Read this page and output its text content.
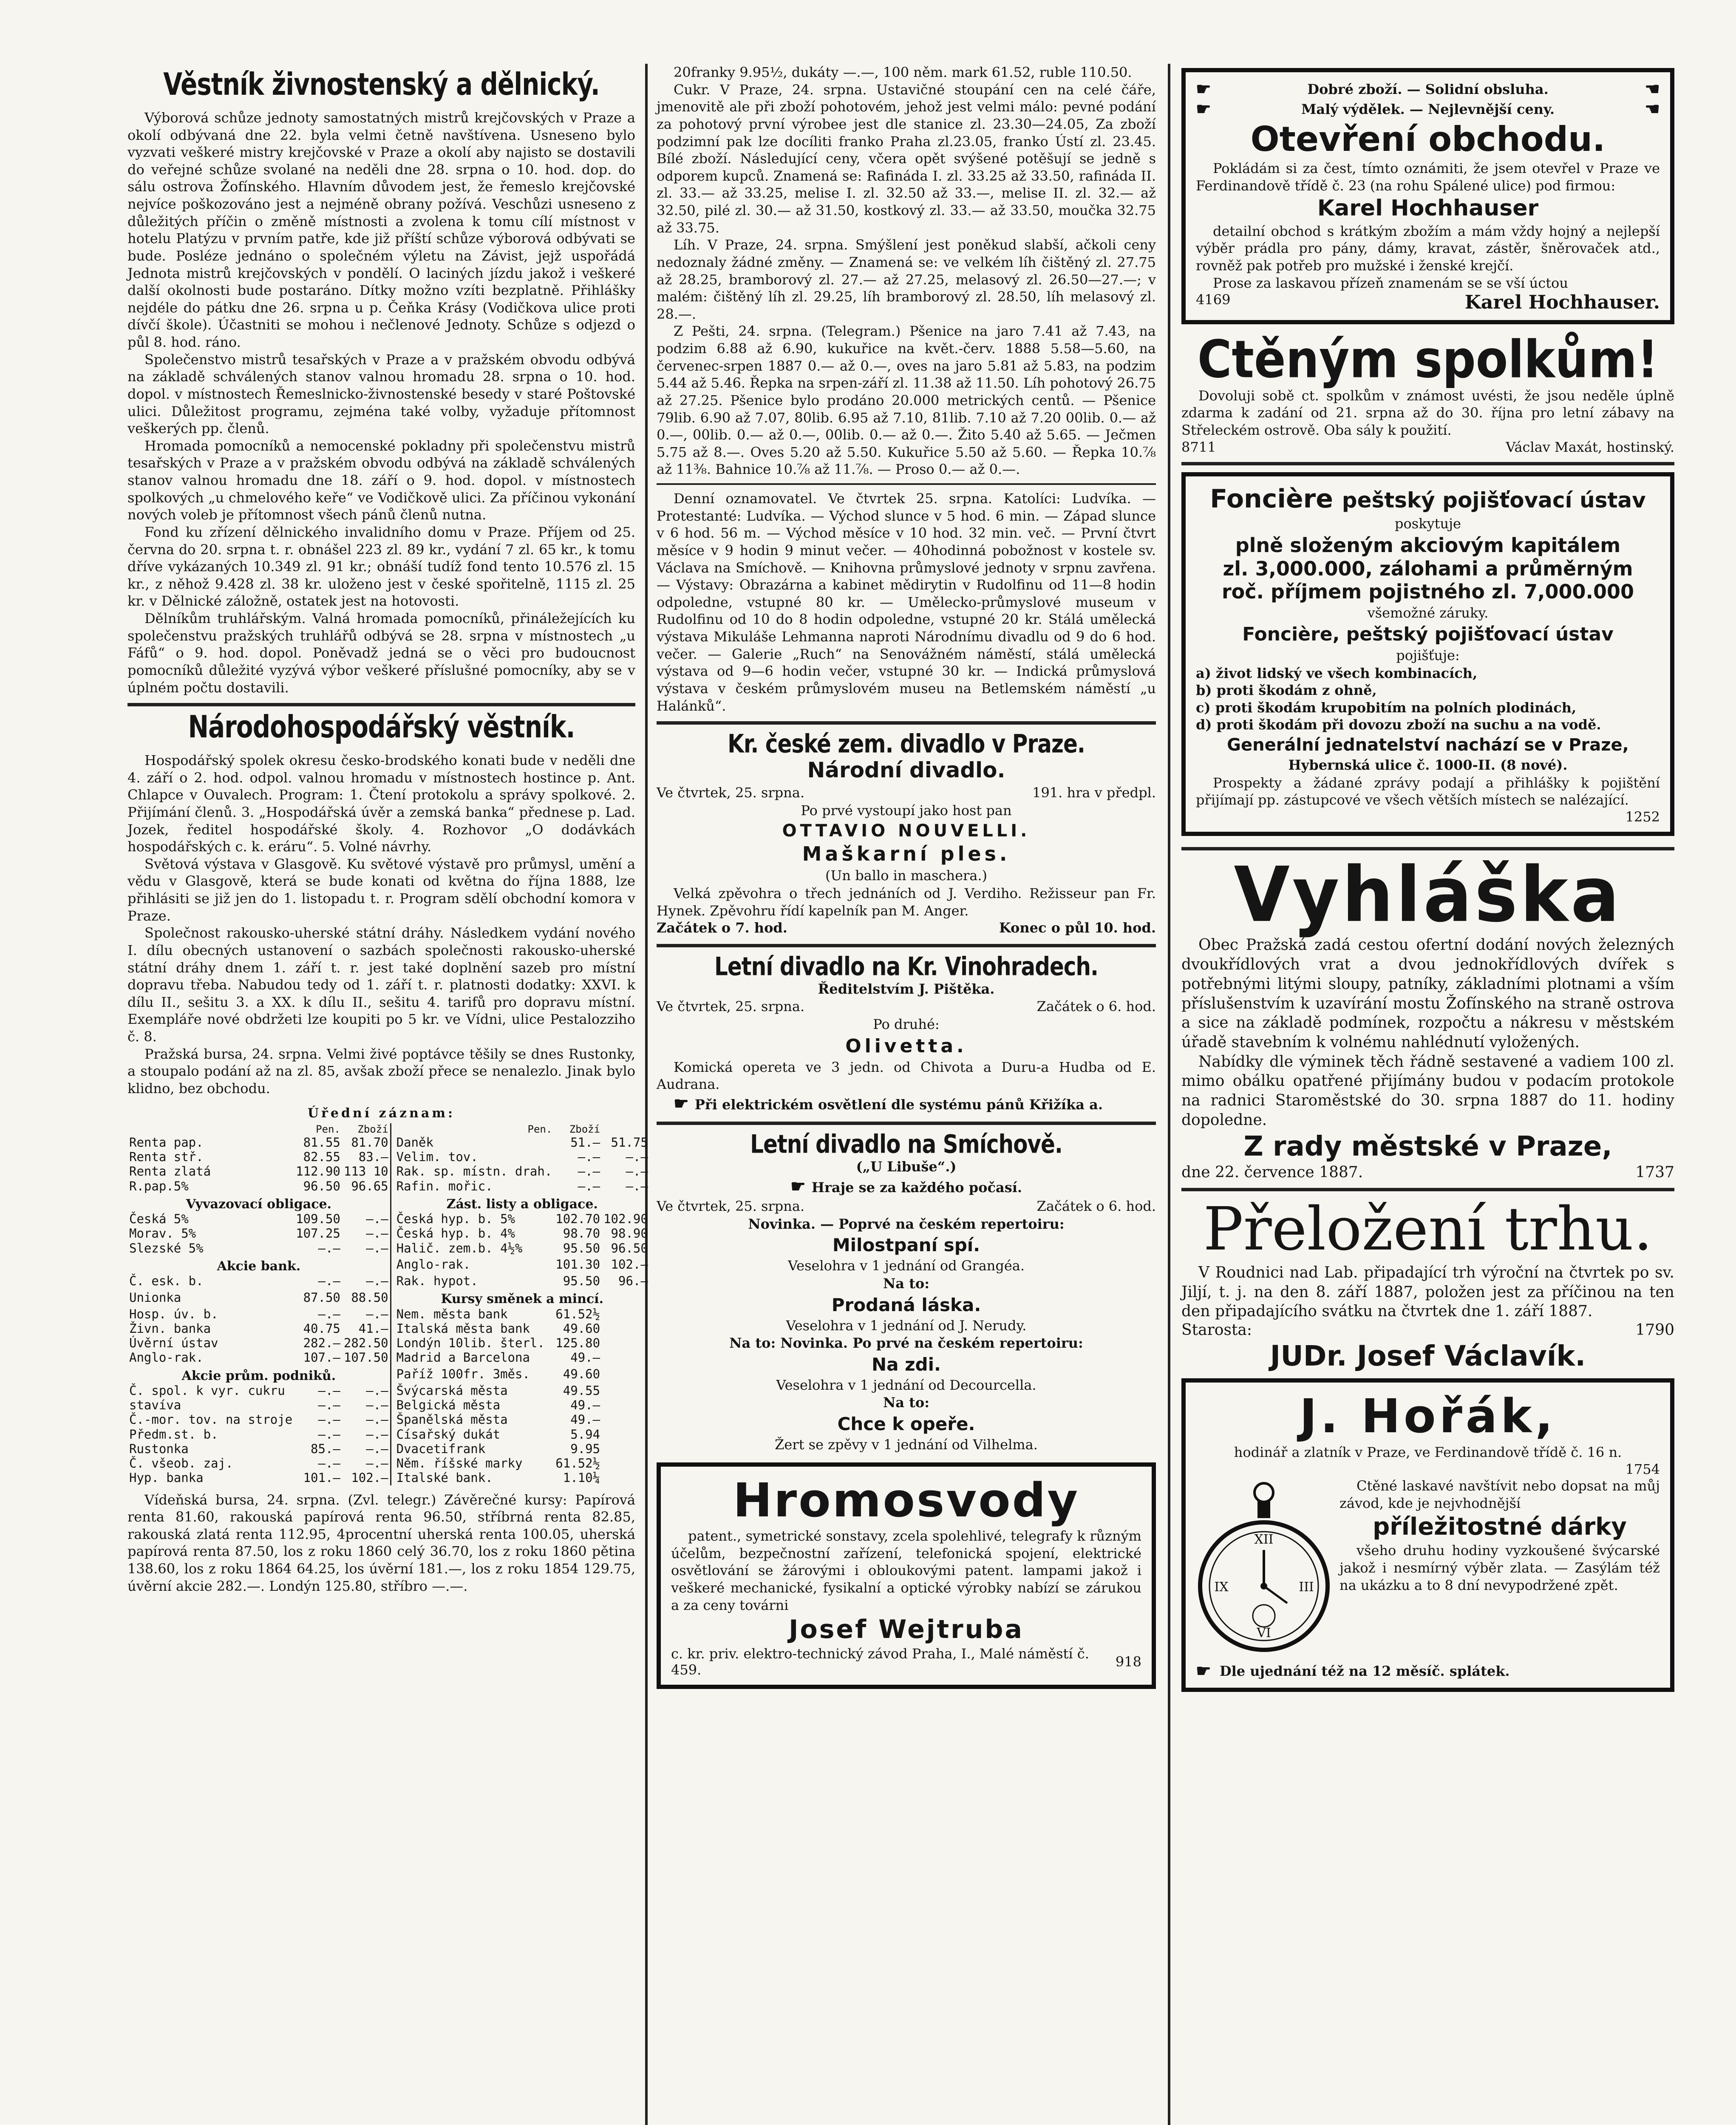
Věstník živnostenský a dělnický.

Výborová schůze jednoty samostatných mistrů krejčovských v Praze a okolí odbývaná dne 22. byla velmi četně navštívena. Usneseno bylo vyzvati veškeré mistry krejčovské v Praze a okolí aby najisto se dostavili do veřejné schůze svolané na neděli dne 28. srpna o 10. hod. dop. do sálu ostrova Žofínského. Hlavním důvodem jest, že řemeslo krejčovské nejvíce poškozováno jest a nejméně obrany požívá. Veschůzi usneseno z důležitých příčin o změně místnosti a zvolena k tomu cílí místnost v hotelu Platýzu v prvním patře, kde již příští schůze výborová odbývati se bude. Posléze jednáno o společném výletu na Závist, jejž uspořádá Jednota mistrů krejčovských v pondělí. O laciných jízdu jakož i veškeré další okolnosti bude postaráno. Dítky možno vzíti bezplatně. Přihlášky nejdéle do pátku dne 26. srpna u p. Čeňka Krásy (Vodičkova ulice proti dívčí škole). Účastniti se mohou i nečlenové Jednoty. Schůze s odjezd o půl 8. hod. ráno.

Společenstvo mistrů tesařských v Praze a v pražském obvodu odbývá na základě schválených stanov valnou hromadu 28. srpna o 10. hod. dopol. v místnostech Řemeslnicko-živnostenské besedy v staré Poštovské ulici. Důležitost programu, zejména také volby, vyžaduje přítomnost veškerých pp. členů.

Hromada pomocníků a nemocenské pokladny při společenstvu mistrů tesařských v Praze a v pražském obvodu odbývá na základě schválených stanov valnou hromadu dne 18. září o 9. hod. dopol. v místnostech spolkových „u chmelového keře“ ve Vodičkově ulici. Za příčinou vykonání nových voleb je přítomnost všech pánů členů nutna.

Fond ku zřízení dělnického invalidního domu v Praze. Příjem od 25. června do 20. srpna t. r. obnášel 223 zl. 89 kr., vydání 7 zl. 65 kr., k tomu dříve vykázaných 10.349 zl. 91 kr.; obnáší tudíž fond tento 10.576 zl. 15 kr., z něhož 9.428 zl. 38 kr. uloženo jest v české spořitelně, 1115 zl. 25 kr. v Dělnické záložně, ostatek jest na hotovosti.

Dělníkům truhlářským. Valná hromada pomocníků, přináležejících ku společenstvu pražských truhlářů odbývá se 28. srpna v místnostech „u Fáfů“ o 9. hod. dopol. Poněvadž jedná se o věci pro budoucnost pomocníků důležité vyzývá výbor veškeré příslušné pomocníky, aby se v úplném počtu dostavili.

Národohospodářský věstník.

Hospodářský spolek okresu česko-brodského konati bude v neděli dne 4. září o 2. hod. odpol. valnou hromadu v místnostech hostince p. Ant. Chlapce v Ouvalech. Program: 1. Čtení protokolu a správy spolkové. 2. Přijímání členů. 3. „Hospodářská úvěr a zemská banka“ přednese p. Lad. Jozek, ředitel hospodářské školy. 4. Rozhovor „O dodávkách hospodářských c. k. eráru“. 5. Volné návrhy.

Světová výstava v Glasgově. Ku světové výstavě pro průmysl, umění a vědu v Glasgově, která se bude konati od května do října 1888, lze přihlásiti se již jen do 1. listopadu t. r. Program sdělí obchodní komora v Praze.

Společnost rakousko-uherské státní dráhy. Následkem vydání nového I. dílu obecných ustanovení o sazbách společnosti rakousko-uherské státní dráhy dnem 1. září t. r. jest také doplnění sazeb pro místní dopravu třeba. Nabudou tedy od 1. září t. r. platnosti dodatky: XXVI. k dílu II., sešitu 3. a XX. k dílu II., sešitu 4. tarifů pro dopravu místní. Exempláře nové obdržeti lze koupiti po 5 kr. ve Vídni, ulice Pestalozziho č. 8.

Pražská bursa, 24. srpna. Velmi živé poptávce těšily se dnes Rustonky, a stoupalo podání až na zl. 85, avšak zboží přece se nenalezlo. Jinak bylo klidno, bez obchodu.

Úřední záznam:
	Pen.	Zboží		Pen.	Zboží	
Renta pap.	81.55	81.70		Daněk	51.—	51.75
Renta stř.	82.55	83.—		Velim. tov.	—.—	—.—
Renta zlatá	112.90	113 10		Rak. sp. místn. drah.	—.—	—.—
R.pap.5%	96.50	96.65		Rafin. mořic.	—.—	—.—
Vyvazovací obligace.				Zást. listy a obligace.		
Česká 5%	109.50	—.—		Česká hyp. b. 5%	102.70	102.90
Morav. 5%	107.25	—.—		Česká hyp. b. 4%	98.70	98.90
Slezské 5%	—.—	—.—		Halič. zem.b. 4½%	95.50	96.50
Akcie bank.				Anglo-rak.	101.30	102.—
Č. esk. b.	—.—	—.—		Rak. hypot.	95.50	96.—
Unionka	87.50	88.50		Kursy směnek a mincí.		
Hosp. úv. b.	—.—	—.—		Nem. města bank	61.52½	
Živn. banka	40.75	41.—		Italská města bank	49.60	
Úvěrní ústav	282.—	282.50		Londýn 10lib. šterl.	125.80	
Anglo-rak.	107.—	107.50		Madrid a Barcelona	49.—	
Akcie prům. podniků.				Paříž 100fr. 3měs.	49.60	
Č. spol. k vyr. cukru	—.—	—.—		Švýcarská města	49.55	
stavíva	—.—	—.—		Belgická města	49.—	
Č.-mor. tov. na stroje	—.—	—.—		Španělská města	49.—	
Předm.st. b.	—.—	—.—		Císařský dukát	5.94	
Rustonka	85.—	—.—		Dvacetifrank	9.95	
Č. všeob. zaj.	—.—	—.—		Něm. říšské marky	61.52½	
Hyp. banka	101.—	102.—		Italské bank.	1.10¼	

Vídeňská bursa, 24. srpna. (Zvl. telegr.) Závěrečné kursy: Papírová renta 81.60, rakouská papírová renta 96.50, stříbrná renta 82.85, rakouská zlatá renta 112.95, 4procentní uherská renta 100.05, uherská papírová renta 87.50, los z roku 1860 celý 36.70, los z roku 1860 pětina 138.60, los z roku 1864 64.25, los úvěrní 181.—, los z roku 1854 129.75, úvěrní akcie 282.—. Londýn 125.80, stříbro —.—.

20franky 9.95½, dukáty —.—, 100 něm. mark 61.52, ruble 110.50.

Cukr. V Praze, 24. srpna. Ustavičné stoupání cen na celé čáře, jmenovitě ale při zboží pohotovém, jehož jest velmi málo: pevné podání za pohotový první výrobee jest dle stanice zl. 23.30—24.05, Za zboží podzimní pak lze docíliti franko Praha zl.23.05, franko Ústí zl. 23.45. Bílé zboží. Následující ceny, včera opět svýšené potěšují se jedně s odporem kupců. Znamená se: Rafináda I. zl. 33.25 až 33.50, rafináda II. zl. 33.— až 33.25, melise I. zl. 32.50 až 33.—, melise II. zl. 32.— až 32.50, pilé zl. 30.— až 31.50, kostkový zl. 33.— až 33.50, moučka 32.75 až 33.75.

Líh. V Praze, 24. srpna. Smýšlení jest poněkud slabší, ačkoli ceny nedoznaly žádné změny. — Znamená se: ve velkém líh čištěný zl. 27.75 až 28.25, bramborový zl. 27.— až 27.25, melasový zl. 26.50—27.—; v malém: čištěný líh zl. 29.25, líh bramborový zl. 28.50, líh melasový zl. 28.—.

Z Pešti, 24. srpna. (Telegram.) Pšenice na jaro 7.41 až 7.43, na podzim 6.88 až 6.90, kukuřice na květ.-červ. 1888 5.58—5.60, na červenec-srpen 1887 0.— až 0.—, oves na jaro 5.81 až 5.83, na podzim 5.44 až 5.46. Řepka na srpen-září zl. 11.38 až 11.50. Líh pohotový 26.75 až 27.25. Pšenice bylo prodáno 20.000 metrických centů. — Pšenice 79lib. 6.90 až 7.07, 80lib. 6.95 až 7.10, 81lib. 7.10 až 7.20 00lib. 0.— až 0.—, 00lib. 0.— až 0.—, 00lib. 0.— až 0.—. Žito 5.40 až 5.65. — Ječmen 5.75 až 8.—. Oves 5.20 až 5.50. Kukuřice 5.50 až 5.60. — Řepka 10.⅞ až 11⅜. Bahnice 10.⅞ až 11.⅞. — Proso 0.— až 0.—.

Denní oznamovatel. Ve čtvrtek 25. srpna. Katolíci: Ludvíka. — Protestanté: Ludvíka. — Východ slunce v 5 hod. 6 min. — Západ slunce v 6 hod. 56 m. — Východ měsíce v 10 hod. 32 min. več. — První čtvrt měsíce v 9 hodin 9 minut večer. — 40hodinná pobožnost v kostele sv. Václava na Smíchově. — Knihovna průmyslové jednoty v srpnu zavřena. — Výstavy: Obrazárna a kabinet mědirytin v Rudolfinu od 11—8 hodin odpoledne, vstupné 80 kr. — Umělecko-průmyslové museum v Rudolfinu od 10 do 8 hodin odpoledne, vstupné 20 kr. Stálá umělecká výstava Mikuláše Lehmanna naproti Národnímu divadlu od 9 do 6 hod. večer. — Galerie „Ruch“ na Senovážném náměstí, stálá umělecká výstava od 9—6 hodin večer, vstupné 30 kr. — Indická průmyslová výstava v českém průmyslovém museu na Betlemském náměstí „u Halánků“.

Kr. české zem. divadlo v Praze.
Národní divadlo.
Ve čtvrtek, 25. srpna.	191. hra v předpl.

Po prvé vystoupí jako host pan

OTTAVIO NOUVELLI.
Maškarní ples.

(Un ballo in maschera.)

Velká zpěvohra o třech jednáních od J. Verdiho. Režisseur pan Fr. Hynek. Zpěvohru řídí kapelník pan M. Anger.

Začátek o 7. hod.	Konec o půl 10. hod.
Letní divadlo na Kr. Vinohradech.

Ředitelstvím J. Pištěka.

Ve čtvrtek, 25. srpna.	Začátek o 6. hod.

Po druhé:

Olivetta.

Komická opereta ve 3 jedn. od Chivota a Duru-a Hudba od E. Audrana.

☛ Při elektrickém osvětlení dle systému pánů Křižíka a.

Letní divadlo na Smíchově.

(„U Libuše“.)

☛ Hraje se za každého počasí.

Ve čtvrtek, 25. srpna.	Začátek o 6. hod.

Novinka. — Poprvé na českém repertoiru:

Milostpaní spí.

Veselohra v 1 jednání od Grangéa.

Na to:

Prodaná láska.

Veselohra v 1 jednání od J. Nerudy.

Na to: Novinka. Po prvé na českém repertoiru:

Na zdi.

Veselohra v 1 jednání od Decourcella.

Na to:

Chce k opeře.

Žert se zpěvy v 1 jednání od Vilhelma.

Hromosvody

patent., symetrické sonstavy, zcela spolehlivé, telegrafy k různým účelům, bezpečnostní zařízení, telefonická spojení, elektrické osvětlování se žárovými i obloukovými patent. lampami jakož i veškeré mechanické, fysikalní a optické výrobky nabízí se zárukou a za ceny továrni

Josef Wejtruba
c. kr. priv. elektro-technický závod Praha, I., Malé náměstí č. 459.	918
☛	Dobré zboží. — Solidní obsluha.	☚
☛	Malý výdělek. — Nejlevnější ceny.	☚
Otevření obchodu.

Pokládám si za čest, tímto oznámiti, že jsem otevřel v Praze ve Ferdinandově třídě č. 23 (na rohu Spálené ulice) pod firmou:

Karel Hochhauser

detailní obchod s krátkým zbožím a mám vždy hojný a nejlepší výběr prádla pro pány, dámy, kravat, zástěr, šněrovaček atd., rovněž pak potřeb pro mužské i ženské krejčí.

Prose za laskavou přízeň znamenám se se vší úctou

4169	Karel Hochhauser.
Ctěným spolkům!

Dovoluji sobě ct. spolkům v známost uvésti, že jsou neděle úplně zdarma k zadání od 21. srpna až do 30. října pro letní zábavy na Střeleckém ostrově. Oba sály k použití.

8711	Václav Maxát, hostinský.
Foncière peštský pojišťovací ústav

poskytuje

plně složeným akciovým kapitálem
zl. 3,000.000, zálohami a průměrným
roč. příjmem pojistného zl. 7,000.000

všemožné záruky.

Foncière, peštský pojišťovací ústav

pojišťuje:

a) život lidský ve všech kombinacích,

b) proti škodám z ohně,

c) proti škodám krupobitím na polních plodinách,

d) proti škodám při dovozu zboží na suchu a na vodě.

Generální jednatelství nachází se v Praze,

Hybernská ulice č. 1000-II. (8 nové).

Prospekty a žádané zprávy podají a přihlášky k pojištění přijímají pp. zástupcové ve všech větších místech se nalézající.

1252
Vyhláška

Obec Pražská zadá cestou ofertní dodání nových železných dvoukřídlových vrat a dvou jednokřídlových dvířek s potřebnými litými sloupy, patníky, základními plotnami a vším příslušenstvím k uzavírání mostu Žofínského na straně ostrova a sice na základě podmínek, rozpočtu a nákresu v městském úřadě stavebním k volnému nahlédnutí vyložených.

Nabídky dle výminek těch řádně sestavené a vadiem 100 zl. mimo obálku opatřené přijímány budou v podacím protokole na radnici Staroměstské do 30. srpna 1887 do 11. hodiny dopoledne.

Z rady městské v Praze,
dne 22. července 1887.	1737
Přeložení trhu.

V Roudnici nad Lab. připadající trh výroční na čtvrtek po sv. Jiljí, t. j. na den 8. září 1887, položen jest za příčinou na ten den připadajícího svátku na čtvrtek dne 1. září 1887.

Starosta:	1790
JUDr. Josef Václavík.
J. Hořák,

hodinář a zlatník v Praze, ve Ferdinandově třídě č. 16 n.

1754
XII
III
VI
IX

Ctěné laskavé navštívit nebo dopsat na můj závod, kde je nejvhodnější

příležitostné dárky

všeho druhu hodiny vyzkoušené švýcarské jakož i nesmírný výběr zlata. — Zasýlám též na ukázku a to 8 dní nevypodržené zpět.

☛ Dle ujednání též na 12 měsíč. splátek.
